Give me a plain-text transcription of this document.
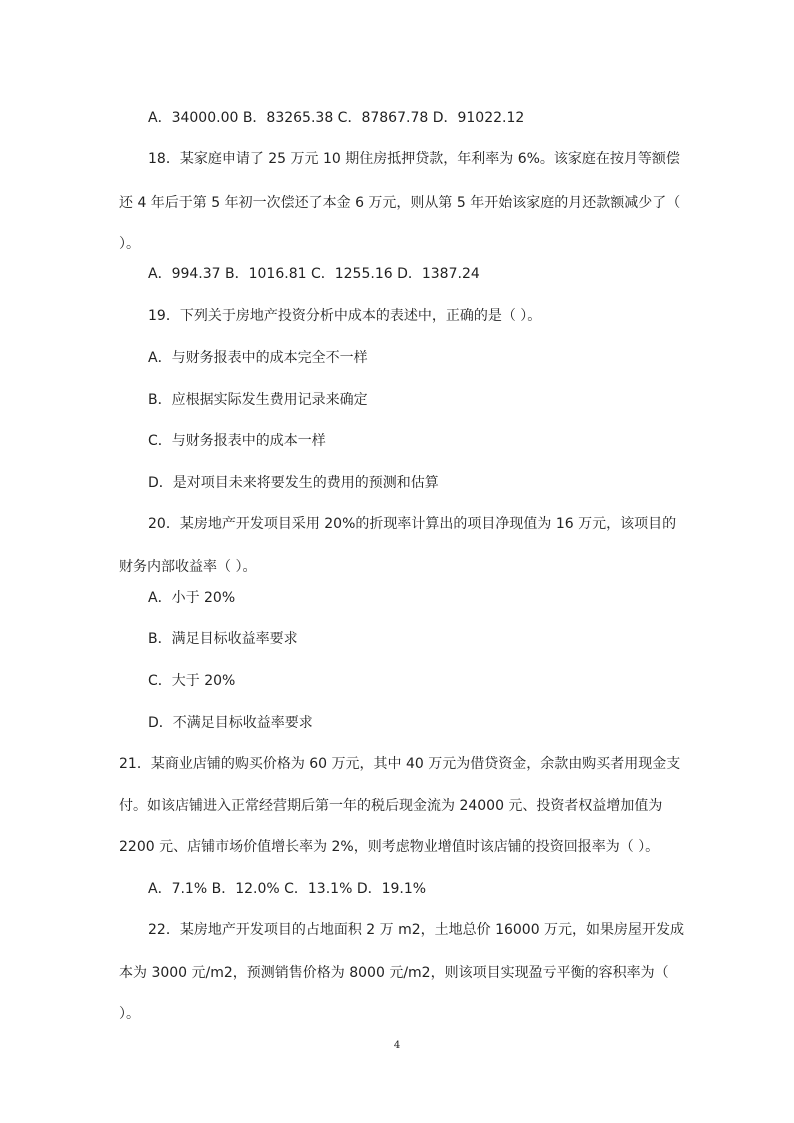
A．34000.00 B．83265.38 C．87867.78 D．91022.12
18．某家庭申请了 25 万元 10 期住房抵押贷款，年利率为 6%。该家庭在按月等额偿
还 4 年后于第 5 年初一次偿还了本金 6 万元，则从第 5 年开始该家庭的月还款额减少了（
）。
A．994.37 B．1016.81 C．1255.16 D．1387.24
19．下列关于房地产投资分析中成本的表述中，正确的是（ ）。
A．与财务报表中的成本完全不一样
B．应根据实际发生费用记录来确定
C．与财务报表中的成本一样
D．是对项目未来将要发生的费用的预测和估算
20．某房地产开发项目采用 20%的折现率计算出的项目净现值为 16 万元，该项目的
财务内部收益率（ ）。
A．小于 20%
B．满足目标收益率要求
C．大于 20%
D．不满足目标收益率要求
21．某商业店铺的购买价格为 60 万元，其中 40 万元为借贷资金，余款由购买者用现金支
付。如该店铺进入正常经营期后第一年的税后现金流为 24000 元、投资者权益增加值为
2200 元、店铺市场价值增长率为 2%，则考虑物业增值时该店铺的投资回报率为（ ）。
A．7.1% B．12.0% C．13.1% D．19.1%
22．某房地产开发项目的占地面积 2 万 m2，土地总价 16000 万元，如果房屋开发成
本为 3000 元/m2，预测销售价格为 8000 元/m2，则该项目实现盈亏平衡的容积率为（
）。
4
